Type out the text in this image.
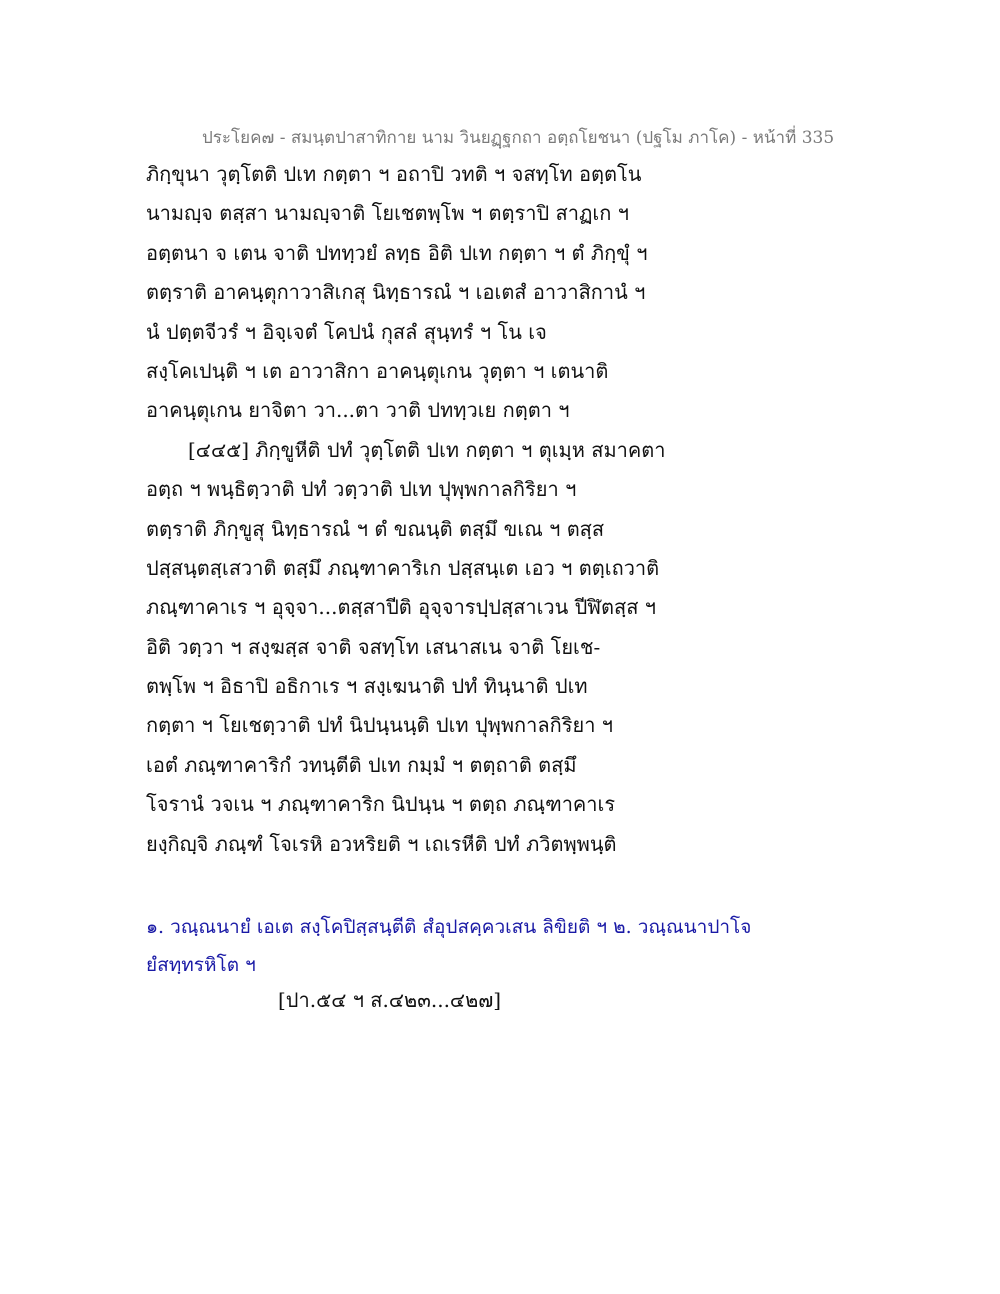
ประโยค๗ - สมนฺตปาสาทิกาย นาม วินยฏฺฐกถา อตฺถโยชนา (ปฐโม ภาโค) - หน้าที่ 335
ภิกฺขุนา วุตฺโตติ ปเท กตฺตา ฯ อถาปิ วทติ ฯ จสทฺโท อตฺตโน
นามญฺจ ตสฺสา นามญฺจาติ โยเชตพฺโพ ฯ ตตฺราปิ สาฏเก ฯ
อตฺตนา จ เตน จาติ ปททฺวยํ ลทฺธ อิติ ปเท กตฺตา ฯ ตํ ภิกฺขุํ ฯ
ตตฺราติ อาคนฺตุกาวาสิเกสุ นิทฺธารณํ ฯ เอเตสํ อาวาสิกานํ ฯ
นํ ปตฺตจีวรํ ฯ อิจฺเจตํ โคปนํ กุสลํ สุนฺทรํ ฯ โน เจ
สงฺโคเปนฺติ ฯ เต อาวาสิกา อาคนฺตุเกน วุตฺตา ฯ เตนาติ
อาคนฺตุเกน ยาจิตา วา...ตา วาติ ปททฺวเย กตฺตา ฯ
[๔๔๕] ภิกฺขูหีติ ปทํ วุตฺโตติ ปเท กตฺตา ฯ ตุเมฺห สมาคตา
อตฺถ ฯ พนฺธิตฺวาติ ปทํ วตฺวาติ ปเท ปุพฺพกาลกิริยา ฯ
ตตฺราติ ภิกฺขูสุ นิทฺธารณํ ฯ ตํ ขณนฺติ ตสฺมึ ขเณ ฯ ตสฺส
ปสฺสนฺตสฺเสวาติ ตสฺมึ ภณฺฑาคาริเก ปสฺสนฺเต เอว ฯ ตตฺเถวาติ
ภณฺฑาคาเร ฯ อุจฺจา...ตสฺสาปีติ อุจฺจารปฺปสฺสาเวน ปีฬิตสฺส ฯ
อิติ วตฺวา ฯ สงฺฆสฺส จาติ จสทฺโท เสนาสเน จาติ โยเช-
ตพฺโพ ฯ อิธาปิ อธิกาเร ฯ สงฺเฆนาติ ปทํ ทินฺนาติ ปเท
กตฺตา ฯ โยเชตฺวาติ ปทํ นิปนฺนนฺติ ปเท ปุพฺพกาลกิริยา ฯ
เอตํ ภณฺฑาคาริกํ วทนฺตีติ ปเท กมฺมํ ฯ ตตฺถาติ ตสฺมึ
โจรานํ วจเน ฯ ภณฺฑาคาริก นิปนฺน ฯ ตตฺถ ภณฺฑาคาเร
ยงฺกิญฺจิ ภณฺฑํ โจเรหิ อวหริยติ ฯ เถเรหีติ ปทํ ภวิตพฺพนฺติ
๑. วณฺณนายํ เอเต สงฺโคปิสฺสนฺตีติ สํอุปสคฺควเสน ลิขิยติ ฯ ๒. วณฺณนาปาโจ
ยํสทฺทรหิโต ฯ
[ปา.๕๔ ฯ ส.๔๒๓...๔๒๗]
